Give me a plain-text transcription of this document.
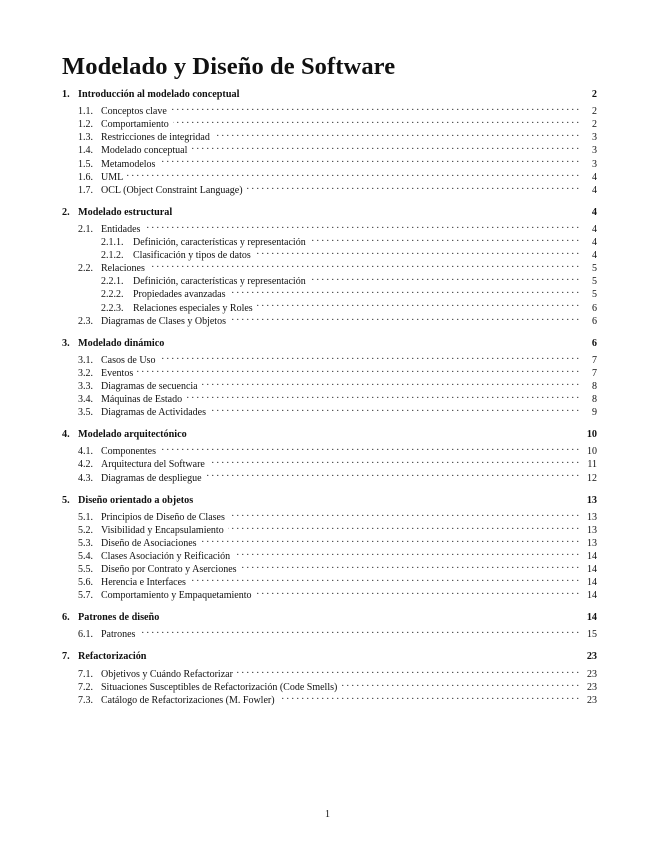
Modelado y Diseño de Software
1. Introducción al modelado conceptual	2
1.1. Conceptos clave . . .	2
1.2. Comportamiento . . .	2
1.3. Restricciones de integridad . . .	3
1.4. Modelado conceptual . . .	3
1.5. Metamodelos . . .	3
1.6. UML . . .	4
1.7. OCL (Object Constraint Language) . . .	4
2. Modelado estructural	4
2.1. Entidades . . .	4
2.1.1. Definición, características y representación . . .	4
2.1.2. Clasificación y tipos de datos . . .	4
2.2. Relaciones . . .	5
2.2.1. Definición, características y representación . . .	5
2.2.2. Propiedades avanzadas . . .	5
2.2.3. Relaciones especiales y Roles . . .	6
2.3. Diagramas de Clases y Objetos . . .	6
3. Modelado dinámico	6
3.1. Casos de Uso . . .	7
3.2. Eventos . . .	7
3.3. Diagramas de secuencia . . .	8
3.4. Máquinas de Estado . . .	8
3.5. Diagramas de Actividades . . .	9
4. Modelado arquitectónico	10
4.1. Componentes . . .	10
4.2. Arquitectura del Software . . .	11
4.3. Diagramas de despliegue . . .	12
5. Diseño orientado a objetos	13
5.1. Principios de Diseño de Clases . . .	13
5.2. Visibilidad y Encapsulamiento . . .	13
5.3. Diseño de Asociaciones . . .	13
5.4. Clases Asociación y Reificación . . .	14
5.5. Diseño por Contrato y Aserciones . . .	14
5.6. Herencia e Interfaces . . .	14
5.7. Comportamiento y Empaquetamiento . . .	14
6. Patrones de diseño	14
6.1. Patrones . . .	15
7. Refactorización	23
7.1. Objetivos y Cuándo Refactorizar . . .	23
7.2. Situaciones Susceptibles de Refactorización (Code Smells) . . .	23
7.3. Catálogo de Refactorizaciones (M. Fowler) . . .	23
1
